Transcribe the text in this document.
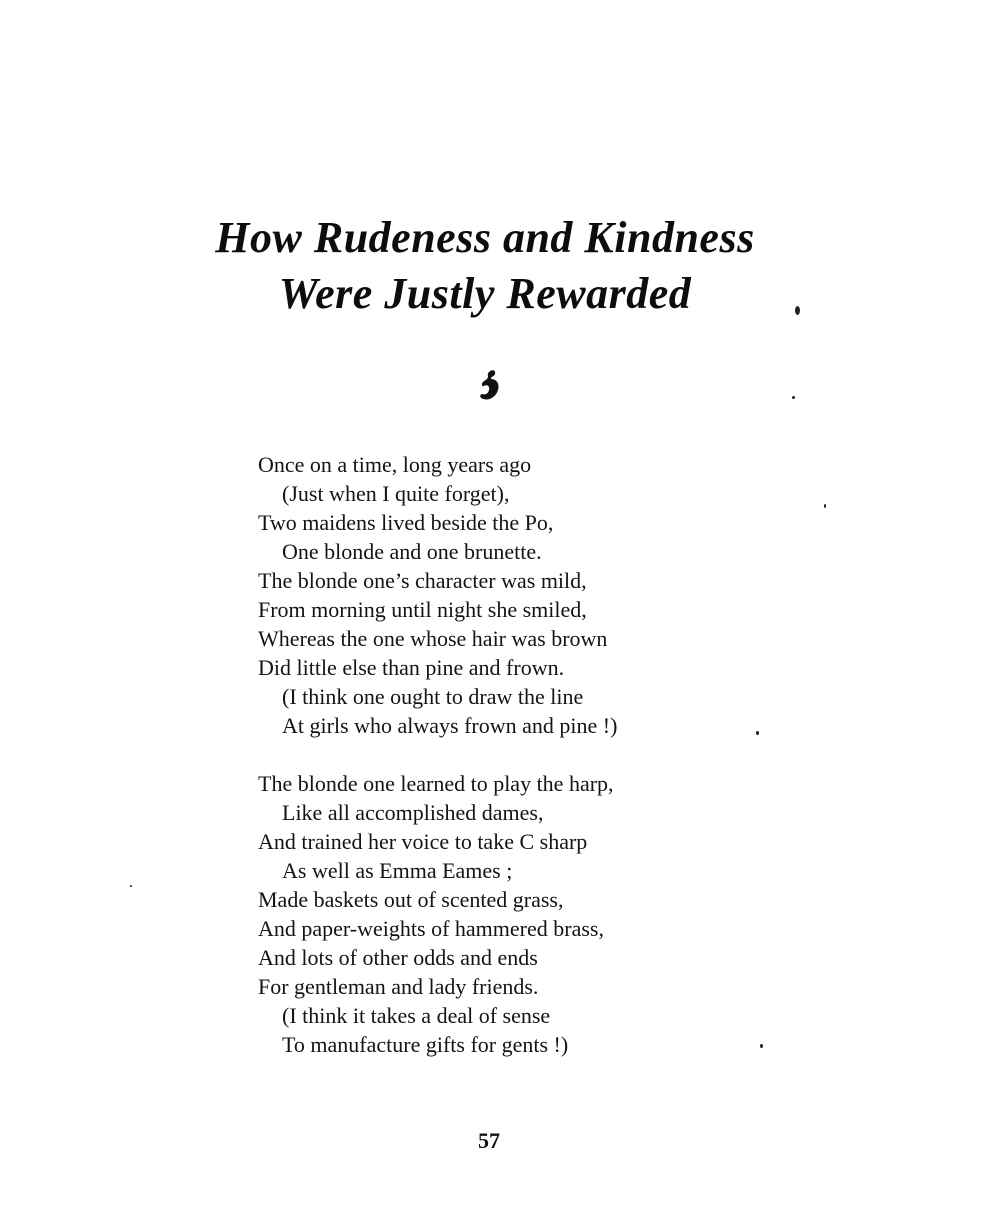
How Rudeness and Kindness
Were Justly Rewarded
Once on a time, long years ago
(Just when I quite forget),
Two maidens lived beside the Po,
One blonde and one brunette.
The blonde one’s character was mild,
From morning until night she smiled,
Whereas the one whose hair was brown
Did little else than pine and frown.
(I think one ought to draw the line
At girls who always frown and pine !)
The blonde one learned to play the harp,
Like all accomplished dames,
And trained her voice to take C sharp
As well as Emma Eames ;
Made baskets out of scented grass,
And paper-weights of hammered brass,
And lots of other odds and ends
For gentleman and lady friends.
(I think it takes a deal of sense
To manufacture gifts for gents !)
57
